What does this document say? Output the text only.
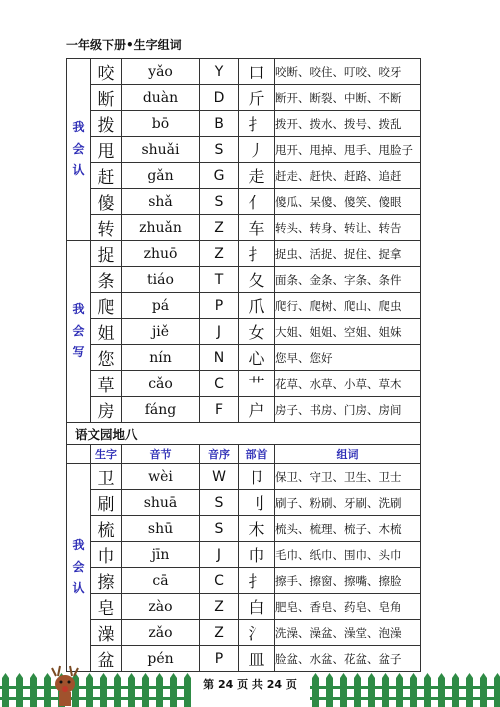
一年级下册•生字组词
我
会
认	咬	yǎo	Y	口	咬断、咬住、叮咬、咬牙
	断	duàn	D	斤	断开、断裂、中断、不断
	拨	bō	B	扌	拨开、拨水、拨号、拨乱
	甩	shuǎi	S	丿	甩开、甩掉、甩手、甩脸子
	赶	gǎn	G	走	赶走、赶快、赶路、追赶
	傻	shǎ	S	亻	傻瓜、呆傻、傻笑、傻眼
	转	zhuǎn	Z	车	转头、转身、转让、转告

我
会
写	捉	zhuō	Z	扌	捉虫、活捉、捉住、捉拿
	条	tiáo	T	夂	面条、金条、字条、条件
	爬	pá	P	爪	爬行、爬树、爬山、爬虫
	姐	jiě	J	女	大姐、姐姐、空姐、姐妹
	您	nín	N	心	您早、您好
	草	cǎo	C	艹	花草、水草、小草、草木
	房	fáng	F	户	房子、书房、门房、房间
语文园地八					
	生字	音节	音序	部首	组词

我
会
认	卫	wèi	W	卩	保卫、守卫、卫生、卫士
	刷	shuā	S	刂	刷子、粉刷、牙刷、洗刷
	梳	shū	S	木	梳头、梳理、梳子、木梳
	巾	jīn	J	巾	毛巾、纸巾、围巾、头巾
	擦	cā	C	扌	擦手、擦窗、擦嘴、擦脸
	皂	zào	Z	白	肥皂、香皂、药皂、皂角
	澡	zǎo	Z	氵	洗澡、澡盆、澡堂、泡澡
	盆	pén	P	皿	脸盆、水盆、花盆、盆子
第 24 页 共 24 页
